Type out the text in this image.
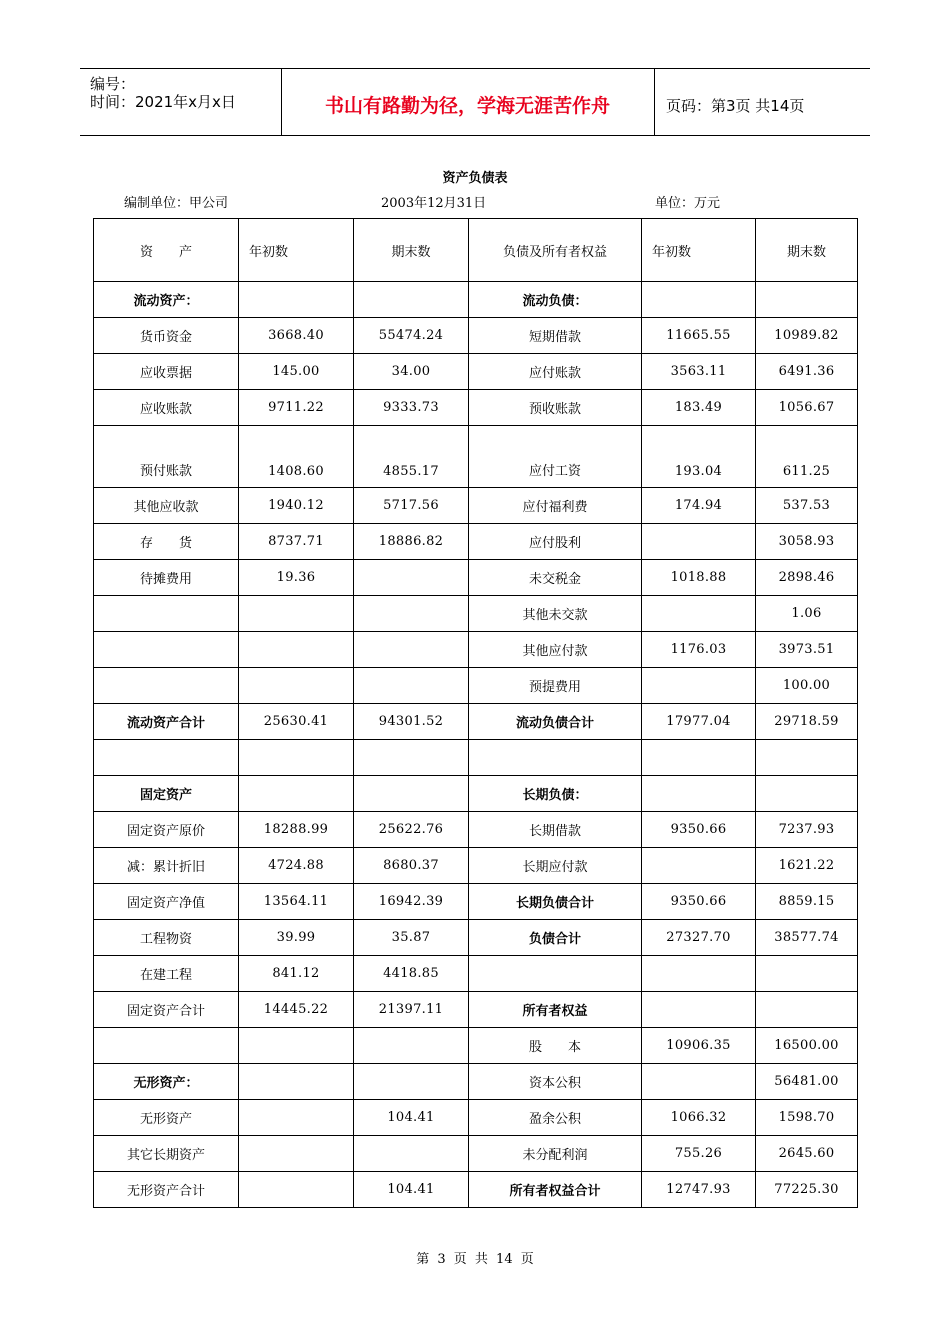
编号：
时间：2021年x月x日	书山有路勤为径，学海无涯苦作舟	页码：第3页 共14页
资产负债表
编制单位：甲公司	2003年12月31日	单位：万元
资　　产	年初数	期末数	负债及所有者权益	年初数	期末数
流动资产：			流动负债：		
货币资金	3668.40	55474.24	短期借款	11665.55	10989.82
应收票据	145.00	34.00	应付账款	3563.11	6491.36
应收账款	9711.22	9333.73	预收账款	183.49	1056.67
预付账款	1408.60	4855.17	应付工资	193.04	611.25
其他应收款	1940.12	5717.56	应付福利费	174.94	537.53
存　　货	8737.71	18886.82	应付股利		3058.93
待摊费用	19.36		未交税金	1018.88	2898.46
			其他未交款		1.06
			其他应付款	1176.03	3973.51
			预提费用		100.00
流动资产合计	25630.41	94301.52	流动负债合计	17977.04	29718.59

固定资产			长期负债：		
固定资产原价	18288.99	25622.76	长期借款	9350.66	7237.93
减：累计折旧	4724.88	8680.37	长期应付款		1621.22
固定资产净值	13564.11	16942.39	长期负债合计	9350.66	8859.15
工程物资	39.99	35.87	负债合计	27327.70	38577.74
在建工程	841.12	4418.85			
固定资产合计	14445.22	21397.11	所有者权益		
			股　　本	10906.35	16500.00
无形资产：			资本公积		56481.00
无形资产		104.41	盈余公积	1066.32	1598.70
其它长期资产			未分配利润	755.26	2645.60
无形资产合计		104.41	所有者权益合计	12747.93	77225.30
第 3 页 共 14 页
